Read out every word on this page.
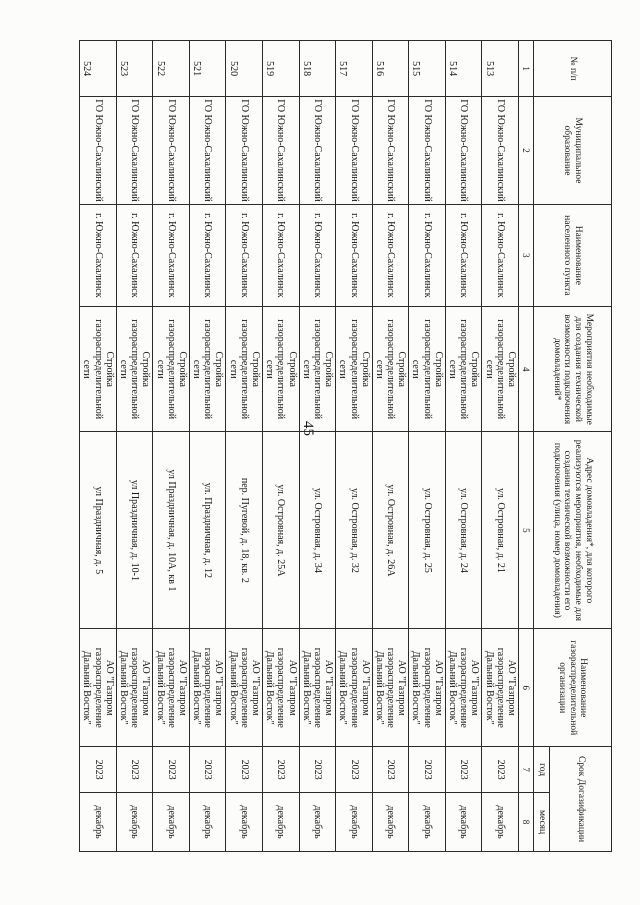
45
№ п/п	Муниципальное образование	Наименование населенного пункта	Мероприятия необходимые для создания технической возможности подключения домовладений*	Адрес домовладения*, для которого реализуются мероприятия, необходимые для создания технической возможности его подключения (улица, номер домовладения)	Наименование газораспределительной организации	Срок Догазификации	
						год	месяц
1	2	3	4	5	6	7	8
513	ГО Южно-Сахалинский	г. Южно-Сахалинск	Стройка газораспределительной сети	ул. Островная, д. 21	АО "Газпром газораспределение Дальний Восток"	2023	декабрь
514	ГО Южно-Сахалинский	г. Южно-Сахалинск	Стройка газораспределительной сети	ул. Островная, д. 24	АО "Газпром газораспределение Дальний Восток"	2023	декабрь
515	ГО Южно-Сахалинский	г. Южно-Сахалинск	Стройка газораспределительной сети	ул. Островная, д. 25	АО "Газпром газораспределение Дальний Восток"	2023	декабрь
516	ГО Южно-Сахалинский	г. Южно-Сахалинск	Стройка газораспределительной сети	ул. Островная, д. 26А	АО "Газпром газораспределение Дальний Восток"	2023	декабрь
517	ГО Южно-Сахалинский	г. Южно-Сахалинск	Стройка газораспределительной сети	ул. Островная, д. 32	АО "Газпром газораспределение Дальний Восток"	2023	декабрь
518	ГО Южно-Сахалинский	г. Южно-Сахалинск	Стройка газораспределительной сети	ул. Островная, д. 34	АО "Газпром газораспределение Дальний Восток"	2023	декабрь
519	ГО Южно-Сахалинский	г. Южно-Сахалинск	Стройка газораспределительной сети	ул. Островная, д. 25А	АО "Газпром газораспределение Дальний Восток"	2023	декабрь
520	ГО Южно-Сахалинский	г. Южно-Сахалинск	Стройка газораспределительной сети	пер. Пугевой, д. 18, кв. 2	АО "Газпром газораспределение Дальний Восток"	2023	декабрь
521	ГО Южно-Сахалинский	г. Южно-Сахалинск	Стройка газораспределительной сети	ул. Праздничная, д. 12	АО "Газпром газораспределение Дальний Восток"	2023	декабрь
522	ГО Южно-Сахалинский	г. Южно-Сахалинск	Стройка газораспределительной сети	ул Праздничная, д. 10А, кв 1	АО "Газпром газораспределение Дальний Восток"	2023	декабрь
523	ГО Южно-Сахалинский	г. Южно-Сахалинск	Стройка газораспределительной сети	ул Праздничная, д. 10-1	АО "Газпром газораспределение Дальний Восток"	2023	декабрь
524	ГО Южно-Сахалинский	г. Южно-Сахалинск	Стройка газораспределительной сети	ул Праздничная, д. 5	АО "Газпром газораспределение Дальний Восток"	2023	декабрь
